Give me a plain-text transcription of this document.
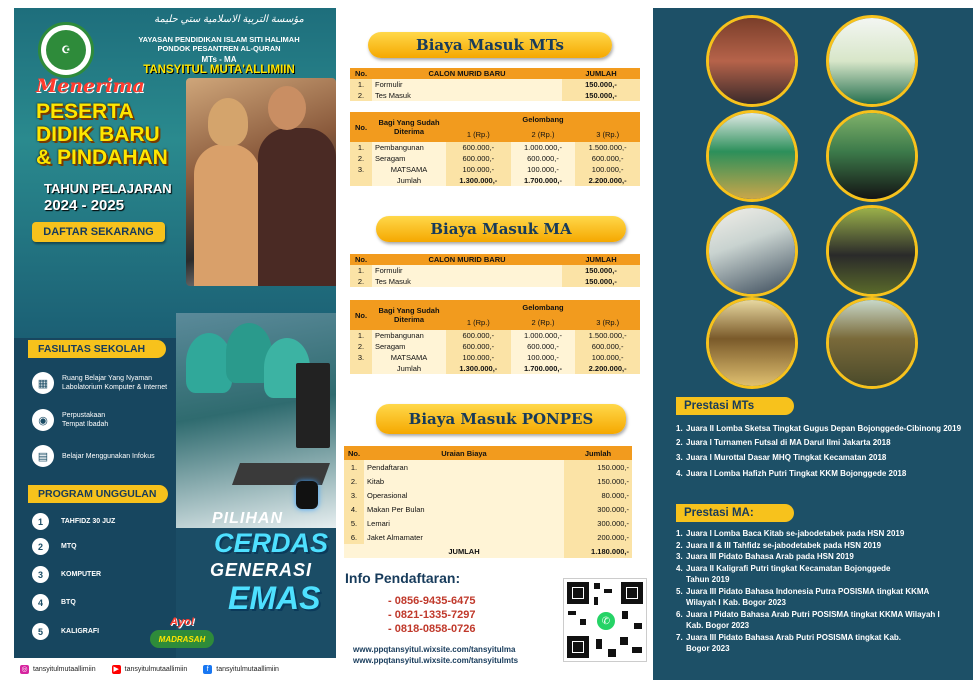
☪
مؤسسة التربية الاسلامية ستي حليمة
YAYASAN PENDIDIKAN ISLAM SITI HALIMAH
PONDOK PESANTREN AL-QURAN
MTs - MA
TANSYITUL MUTA'ALLIMIIN
Menerima
PESERTA
DIDIK BARU
& PINDAHAN
TAHUN PELAJARAN
2024 - 2025
DAFTAR SEKARANG
FASILITAS SEKOLAH
▦	Ruang Belajar Yang Nyaman
Labolatorium Komputer & Internet
◉	Perpustakaan
Tempat Ibadah
▤	Belajar Menggunakan Infokus
PROGRAM UNGGULAN
1	TAHFIDZ 30 JUZ
2	MTQ
3	KOMPUTER
4	BTQ
5	KALIGRAFI
PILIHAN
CERDAS
GENERASI
EMAS
Ayo!
MADRASAH
◎ tansyitulmutaallimiin	▶ tansyitulmutaallimiin	f	tansyitulmutaallimiin
Biaya Masuk MTs
No.	CALON MURID BARU	JUMLAH
1.	Formulir	150.000,-
2.	Tes Masuk	150.000,-
No.	Bagi Yang Sudah Diterima	Gelombang		
		1 (Rp.)	2 (Rp.)	3 (Rp.)
1.	Pembangunan	600.000,-	1.000.000,-	1.500.000,-
2.	Seragam	600.000,-	600.000,-	600.000,-
3.	MATSAMA	100.000,-	100.000,-	100.000,-
	Jumlah	1.300.000,-	1.700.000,-	2.200.000,-
Biaya Masuk MA
No.	CALON MURID BARU	JUMLAH
1.	Formulir	150.000,-
2.	Tes Masuk	150.000,-
No.	Bagi Yang Sudah Diterima	Gelombang		
		1 (Rp.)	2 (Rp.)	3 (Rp.)
1.	Pembangunan	600.000,-	1.000.000,-	1.500.000,-
2.	Seragam	600.000,-	600.000,-	600.000,-
3.	MATSAMA	100.000,-	100.000,-	100.000,-
	Jumlah	1.300.000,-	1.700.000,-	2.200.000,-
Biaya Masuk PONPES
No.	Uraian Biaya	Jumlah
1.	Pendaftaran	150.000,-
2.	Kitab	150.000,-
3.	Operasional	80.000,-
4.	Makan Per Bulan	300.000,-
5.	Lemari	300.000,-
6.	Jaket Almamater	200.000,-
	JUMLAH	1.180.000,-
Info Pendaftaran:
- 0856-9435-6475
- 0821-1335-7297
- 0818-0858-0726
www.ppqtansyitul.wixsite.com/tansyitulma
www.ppqtansyitul.wixsite.com/tansyitulmts
✆
Prestasi MTs
1. Juara II Lomba Sketsa Tingkat Gugus Depan Bojonggede-Cibinong 2019
2. Juara I Turnamen Futsal di MA Darul Ilmi Jakarta 2018
3. Juara I Murottal Dasar MHQ Tingkat Kecamatan 2018
4. Juara I Lomba Hafizh Putri Tingkat KKM Bojonggede 2018
Prestasi MA:
1. Juara I Lomba Baca Kitab se-jabodetabek pada HSN 2019
2. Juara II & III Tahfidz se-jabodetabek pada HSN 2019
3. Juara III Pidato Bahasa Arab pada HSN 2019
4. Juara II Kaligrafi Putri tingkat Kecamatan Bojonggede Tahun 2019
5. Juara III Pidato Bahasa Indonesia Putra POSISMA tingkat KKMA Wilayah I Kab. Bogor 2023
6. Juara I Pidato Bahasa Arab Putri POSISMA tingkat KKMA Wilayah I Kab. Bogor 2023
7. Juara III Pidato Bahasa Arab Putri POSISMA tingkat Kab. Bogor 2023
